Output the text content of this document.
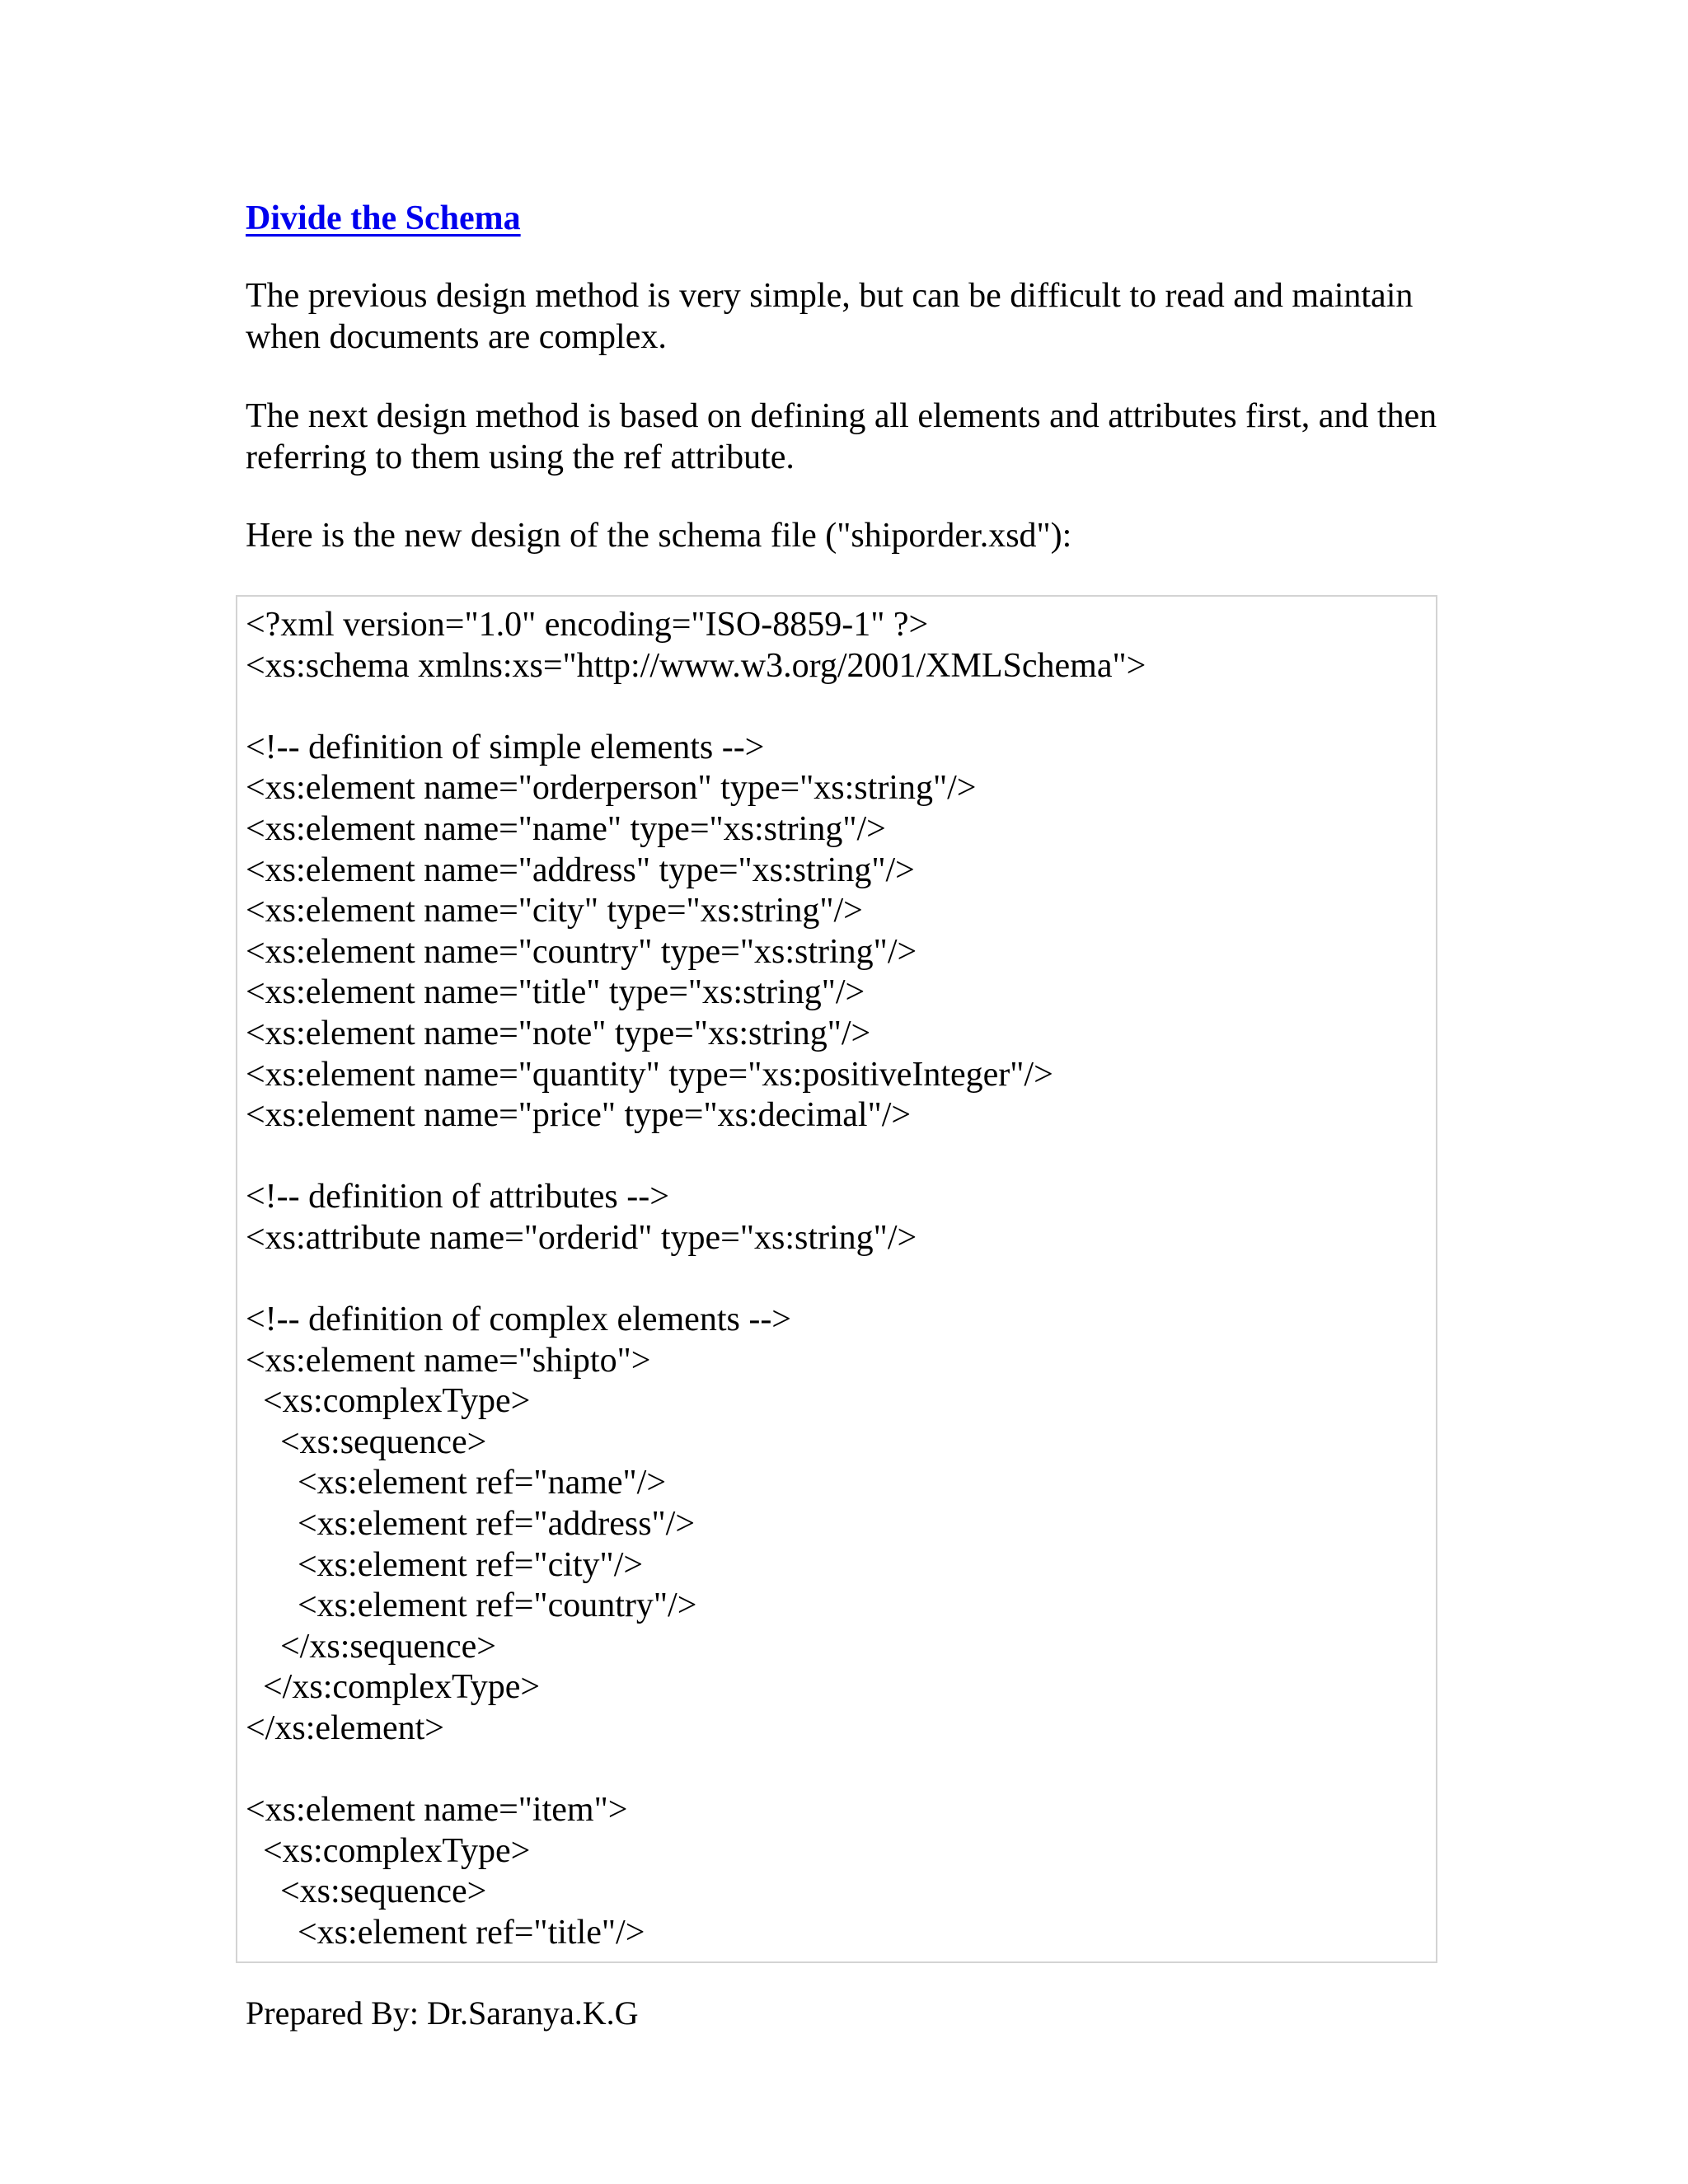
Divide the Schema

The previous design method is very simple, but can be difficult to read and maintain when documents are complex.

The next design method is based on defining all elements and attributes first, and then referring to them using the ref attribute.

Here is the new design of the schema file ("shiporder.xsd"):

<?xml version="1.0" encoding="ISO-8859-1" ?>
<xs:schema xmlns:xs="http://www.w3.org/2001/XMLSchema">
<!-- definition of simple elements -->
<xs:element name="orderperson" type="xs:string"/>
<xs:element name="name" type="xs:string"/>
<xs:element name="address" type="xs:string"/>
<xs:element name="city" type="xs:string"/>
<xs:element name="country" type="xs:string"/>
<xs:element name="title" type="xs:string"/>
<xs:element name="note" type="xs:string"/>
<xs:element name="quantity" type="xs:positiveInteger"/>
<xs:element name="price" type="xs:decimal"/>
<!-- definition of attributes -->
<xs:attribute name="orderid" type="xs:string"/>
<!-- definition of complex elements -->
<xs:element name="shipto">
<xs:complexType>
<xs:sequence>
<xs:element ref="name"/>
<xs:element ref="address"/>
<xs:element ref="city"/>
<xs:element ref="country"/>
</xs:sequence>
</xs:complexType>
</xs:element>
<xs:element name="item">
<xs:complexType>
<xs:sequence>
<xs:element ref="title"/>

Prepared By: Dr.Saranya.K.G
